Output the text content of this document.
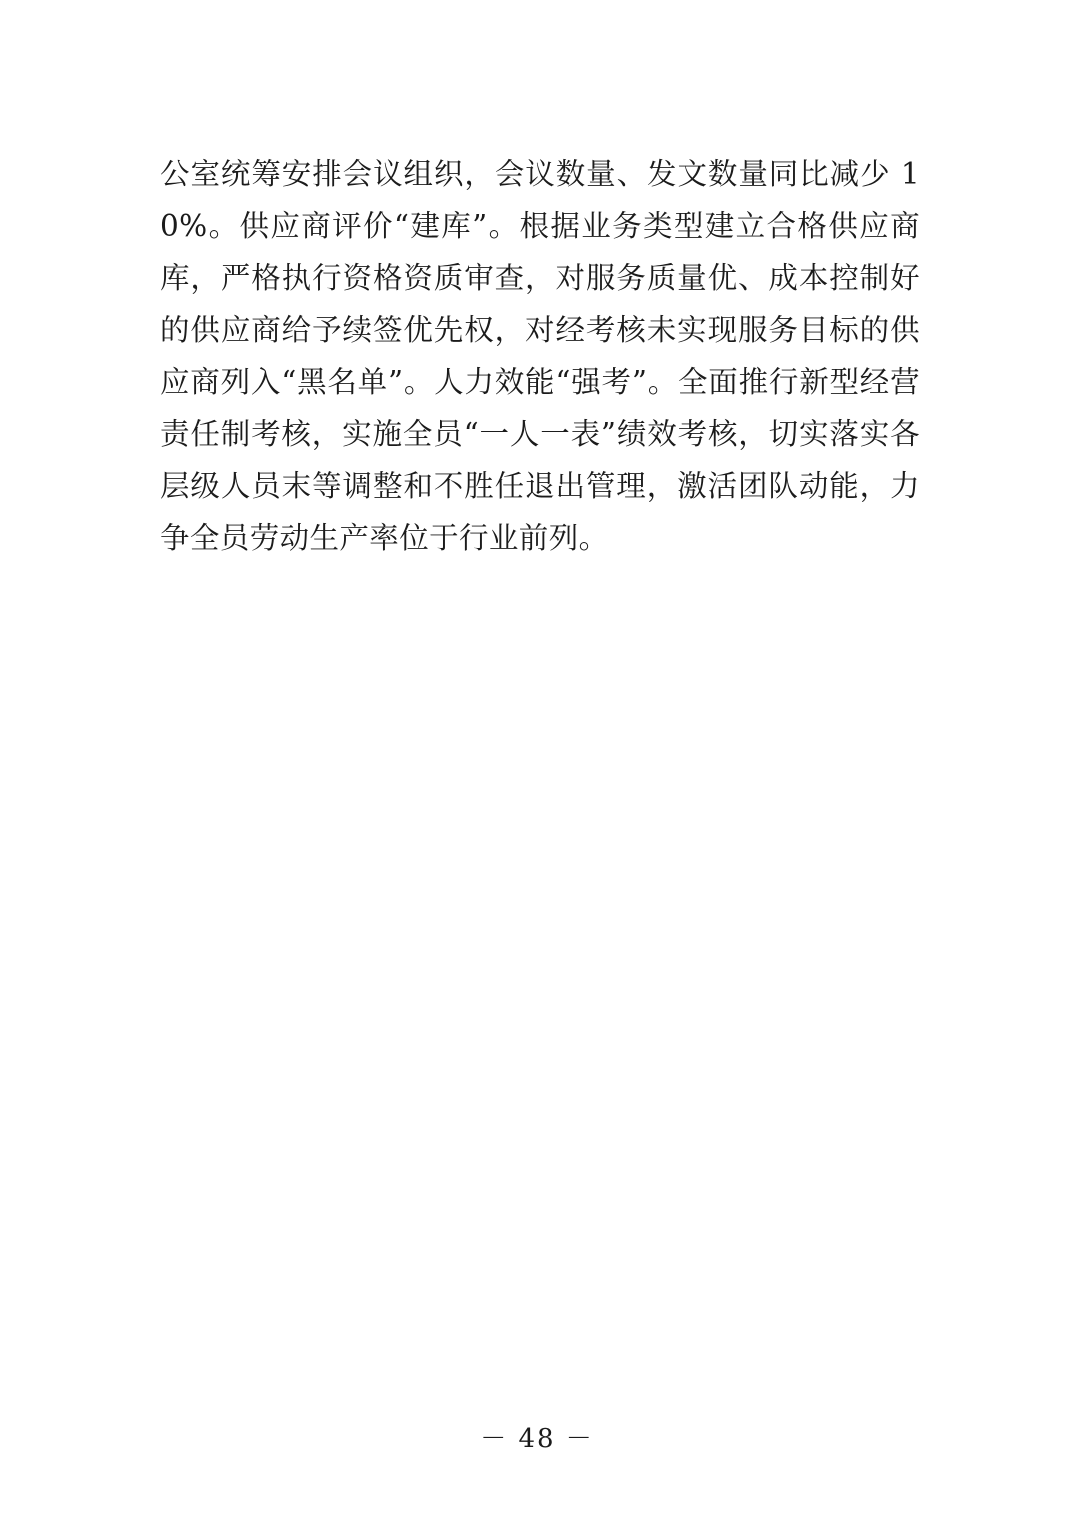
公室统筹安排会议组织，会议数量、发文数量同比减少 10%。供应商评价“建库”。根据业务类型建立合格供应商库，严格执行资格资质审查，对服务质量优、成本控制好的供应商给予续签优先权，对经考核未实现服务目标的供应商列入“黑名单”。人力效能“强考”。全面推行新型经营责任制考核，实施全员“一人一表”绩效考核，切实落实各层级人员末等调整和不胜任退出管理，激活团队动能，力争全员劳动生产率位于行业前列。

－ 48 －
